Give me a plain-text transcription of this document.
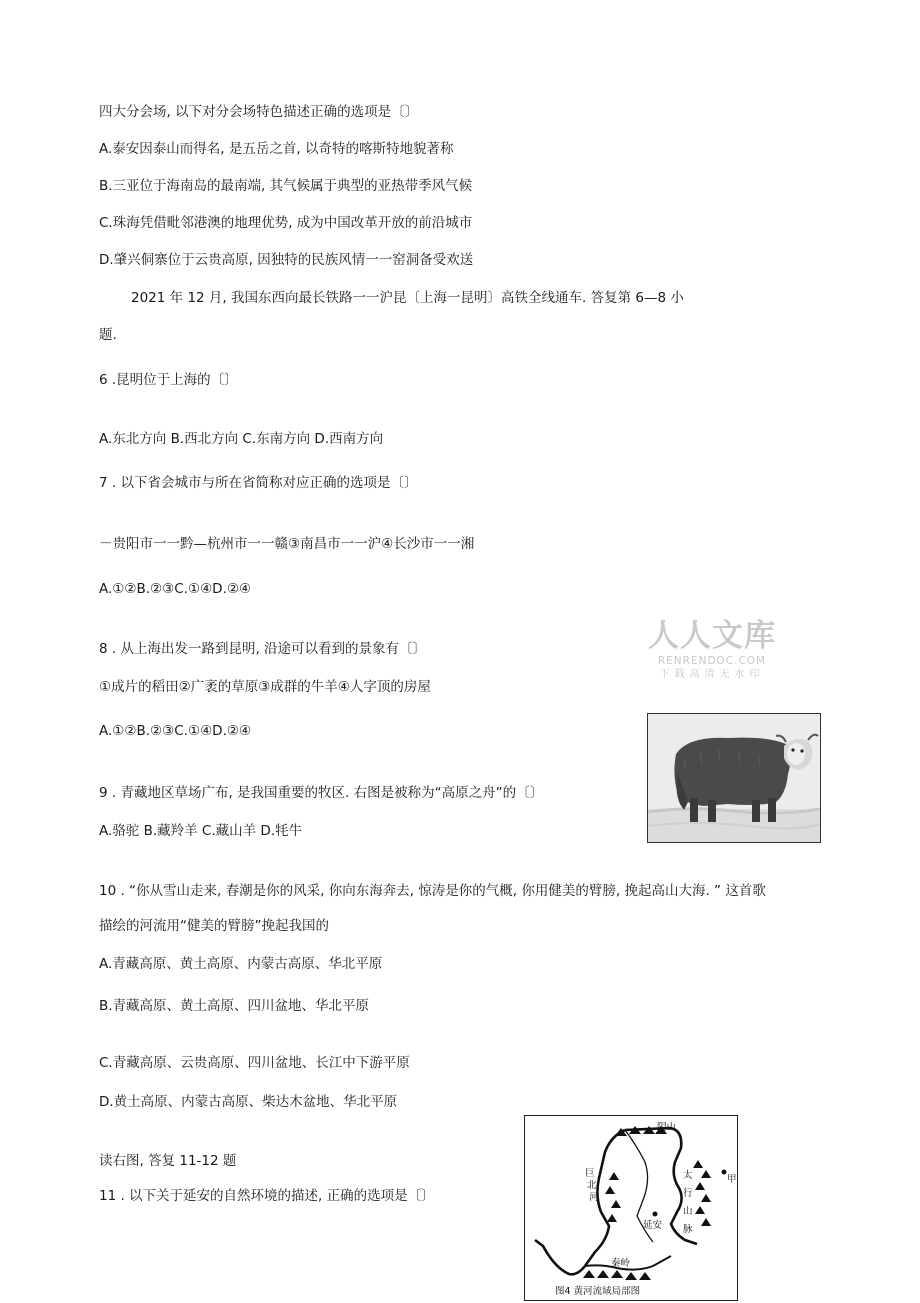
四大分会场, 以下对分会场特色描述正确的选项是〔〕
A.泰安因泰山而得名, 是五岳之首, 以奇特的喀斯特地貌著称
B.三亚位于海南岛的最南端, 其气候属于典型的亚热带季风气候
C.珠海凭借毗邻港澳的地理优势, 成为中国改革开放的前沿城市
D.肇兴侗寨位于云贵高原, 因独特的民族风情一一窑洞备受欢送
2021 年 12 月, 我国东西向最长铁路一一沪昆〔上海一昆明〕高铁全线通车. 答复第 6—8 小
题.
6 .昆明位于上海的〔〕
A.东北方向 B.西北方向 C.东南方向 D.西南方向
7 . 以下省会城市与所在省简称对应正确的选项是〔〕
－贵阳市一一黔—杭州市一一赣③南昌市一一沪④长沙市一一湘
A.①②B.②③C.①④D.②④
8 . 从上海出发一路到昆明, 沿途可以看到的景象有〔〕
①成片的稻田②广袤的草原③成群的牛羊④人字顶的房屋
A.①②B.②③C.①④D.②④
9 . 青藏地区草场广布, 是我国重要的牧区. 右图是被称为“高原之舟”的〔〕
A.骆驼 B.藏羚羊 C.藏山羊 D.牦牛
10 . “你从雪山走来, 春潮是你的风采, 你向东海奔去, 惊涛是你的气概, 你用健美的臂膀, 挽起高山大海. ” 这首歌
描绘的河流用“健美的臂膀”挽起我国的
A.青藏高原、黄土高原、内蒙古高原、华北平原
B.青藏高原、黄土高原、四川盆地、华北平原
C.青藏高原、云贵高原、四川盆地、长江中下游平原
D.黄土高原、内蒙古高原、柴达木盆地、华北平原
读右图, 答复 11-12 题
11 . 以下关于延安的自然环境的描述, 正确的选项是〔〕
人人文库
RENRENDOC.COM
下载高清无水印
阴山
甲
太
行
山
脉
延安
秦岭
巨
北
河
图4 黄河流域局部图
